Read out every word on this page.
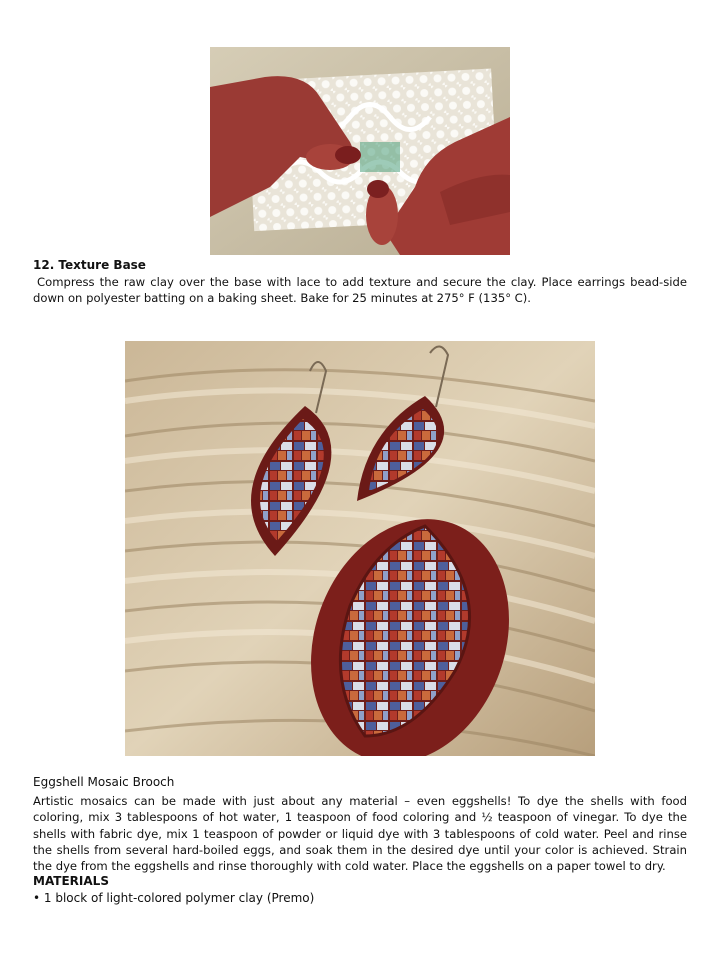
12. Texture Base

Compress the raw clay over the base with lace to add texture and secure the clay. Place earrings bead-side down on polyester batting on a baking sheet. Bake for 25 minutes at 275° F (135° C).

Eggshell Mosaic Brooch

Artistic mosaics can be made with just about any material – even eggshells! To dye the shells with food coloring, mix 3 tablespoons of hot water, 1 teaspoon of food coloring and ½ teaspoon of vinegar. To dye the shells with fabric dye, mix 1 teaspoon of powder or liquid dye with 3 tablespoons of cold water. Peel and rinse the shells from several hard-boiled eggs, and soak them in the desired dye until your color is achieved. Strain the dye from the eggshells and rinse thoroughly with cold water. Place the eggshells on a paper towel to dry.

MATERIALS
• 1 block of light-colored polymer clay (Premo)
